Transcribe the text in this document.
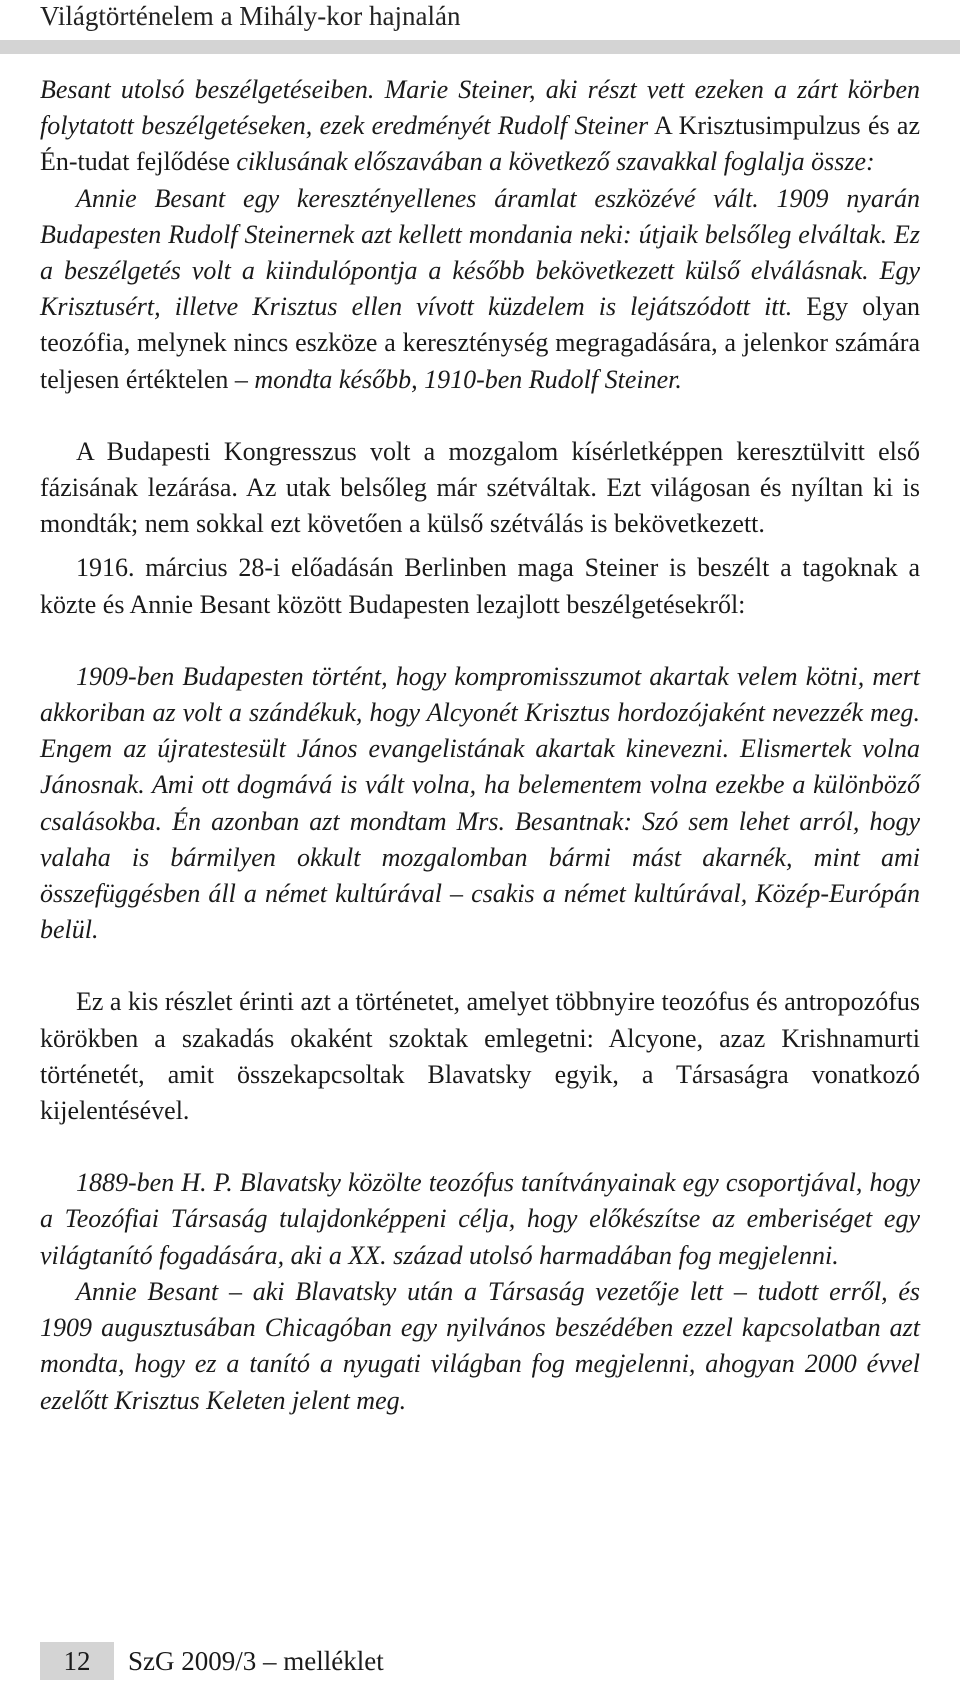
Világtörténelem a Mihály-kor hajnalán

Besant utolsó beszélgetéseiben. Marie Steiner, aki részt vett ezeken a zárt körben folytatott beszélgetéseken, ezek eredményét Rudolf Steiner A Krisztusimpulzus és az Én-tudat fejlődése ciklusának előszavában a következő szavakkal foglalja össze:

Annie Besant egy keresztényellenes áramlat eszközévé vált. 1909 nyarán Budapesten Rudolf Steinernek azt kellett mondania neki: útjaik belsőleg elváltak. Ez a beszélgetés volt a kiindulópontja a később bekövetkezett külső elválásnak. Egy Krisztusért, illetve Krisztus ellen vívott küzdelem is lejátszódott itt. Egy olyan teozófia, melynek nincs eszköze a kereszténység megragadására, a jelenkor számára teljesen értéktelen – mondta később, 1910-ben Rudolf Steiner.

A Budapesti Kongresszus volt a mozgalom kísérletképpen keresztülvitt első fázisának lezárása. Az utak belsőleg már szétváltak. Ezt világosan és nyíltan ki is mondták; nem sokkal ezt követően a külső szétválás is bekövetkezett.

1916. március 28-i előadásán Berlinben maga Steiner is beszélt a tagoknak a közte és Annie Besant között Budapesten lezajlott beszélgetésekről:

1909-ben Budapesten történt, hogy kompromisszumot akartak velem kötni, mert akkoriban az volt a szándékuk, hogy Alcyonét Krisztus hordozójaként nevezzék meg. Engem az újratestesült János evangelistának akartak kinevezni. Elismertek volna Jánosnak. Ami ott dogmává is vált volna, ha belementem volna ezekbe a különböző csalásokba. Én azonban azt mondtam Mrs. Besantnak: Szó sem lehet arról, hogy valaha is bármilyen okkult mozgalomban bármi mást akarnék, mint ami összefüggésben áll a német kultúrával – csakis a német kultúrával, Közép-Európán belül.

Ez a kis részlet érinti azt a történetet, amelyet többnyire teozófus és antropozófus körökben a szakadás okaként szoktak emlegetni: Alcyone, azaz Krishnamurti történetét, amit összekapcsoltak Blavatsky egyik, a Társaságra vonatkozó kijelentésével.

1889-ben H. P. Blavatsky közölte teozófus tanítványainak egy csoportjával, hogy a Teozófiai Társaság tulajdonképpeni célja, hogy előkészítse az emberiséget egy világtanító fogadására, aki a XX. század utolsó harmadában fog megjelenni.

Annie Besant – aki Blavatsky után a Társaság vezetője lett – tudott erről, és 1909 augusztusában Chicagóban egy nyilvános beszédében ezzel kapcsolatban azt mondta, hogy ez a tanító a nyugati világban fog megjelenni, ahogyan 2000 évvel ezelőtt Krisztus Keleten jelent meg.

12	SzG 2009/3 – melléklet
